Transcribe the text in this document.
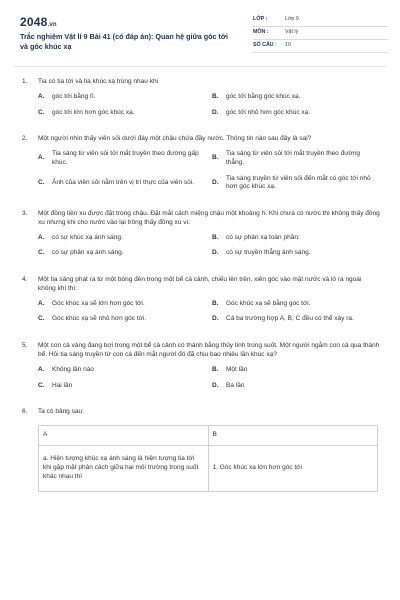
2048.vn
Trắc nghiệm Vật lí 9 Bài 41 (có đáp án): Quan hệ giữa góc tới và góc khúc xạ
LỚP :	Lớp 9
MÔN :	Vật lý
SỐ CÂU :	10
1.	Tia có tia tới và tia khúc xạ trùng nhau khi
A.	góc tới bằng 0.	B.	góc tới bằng góc khúc xạ.
C.	góc tới lớn hơn góc khúc xạ.	D.	góc tới nhỏ hơn góc khúc xạ.
2.	Một người nhìn thấy viên sỏi dưới đáy một chậu chứa đầy nước. Thông tin nào sau đây là sai?
A.
Tia sáng từ viên sỏi tới mắt truyền theo đường gấp khúc.
B.
Tia sáng từ viên sỏi tới mắt truyền theo đường thẳng.
C.	Ảnh của viên sỏi nằm trên vị trí thực của viên sỏi.	D.
Tia sáng truyền từ viên sỏi đến mắt có góc tới nhỏ hơn góc khúc xạ.
3.	Một đồng tiền xu được đặt trong chậu. Đặt mắt cách miệng chậu một khoảng h. Khi chưa có nước thì không thấy đồng xu nhưng khi cho nước vào lại trông thấy đồng xu vì:
A.	có sự khúc xạ ánh sáng.	B.	có sự phản xạ toàn phần.
C.	có sự phản xạ ánh sáng.	D.	có sự truyền thẳng ánh sáng.
4.	Một tia sáng phát ra từ một bóng đèn trong một bể cá cảnh, chiếu lên trên, xiên góc vào mặt nước và ló ra ngoài không khí thì:
A.	Góc khúc xạ sẽ lớn hơn góc tới.	B.	Góc khúc xạ sẽ bằng góc tới.
C.	Góc khúc xạ sẽ nhỏ hơn góc tới.	D.	Cả ba trường hợp A, B, C đều có thể xảy ra.
5.	Một con cá vàng đang bơi trong một bể cá cảnh có thành bằng thủy tinh trong suốt. Một người ngắm con cá qua thành bể. Hỏi tia sáng truyền từ con cá đến mắt người đó đã chịu bao nhiêu lần khúc xạ?
A.	Không lần nào	B.	Một lần
C.	Hai lần	D.	Ba lần
6.	Ta có bảng sau:
A	B
a. Hiện tượng khúc xạ ánh sáng là hiện tượng tia tới khi gặp mặt phân cách giữa hai môi trường trong suốt khác nhau thì	1. Góc khúc xạ lớn hơn góc tới
